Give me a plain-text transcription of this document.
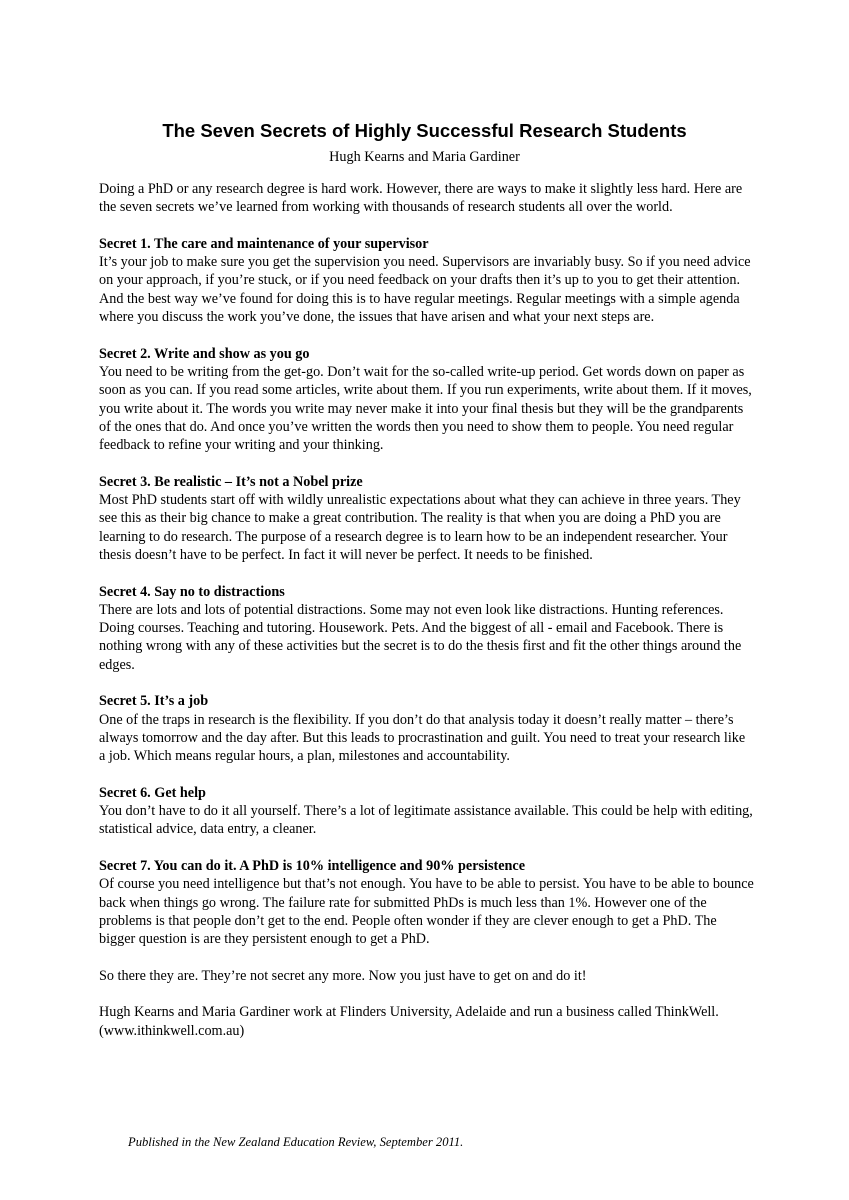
The Seven Secrets of Highly Successful Research Students
Hugh Kearns and Maria Gardiner

Doing a PhD or any research degree is hard work. However, there are ways to make it slightly less hard. Here are the seven secrets we’ve learned from working with thousands of research students all over the world.

Secret 1. The care and maintenance of your supervisor
It’s your job to make sure you get the supervision you need. Supervisors are invariably busy. So if you need advice on your approach, if you’re stuck, or if you need feedback on your drafts then it’s up to you to get their attention. And the best way we’ve found for doing this is to have regular meetings. Regular meetings with a simple agenda where you discuss the work you’ve done, the issues that have arisen and what your next steps are.
Secret 2. Write and show as you go
You need to be writing from the get-go. Don’t wait for the so-called write-up period. Get words down on paper as soon as you can. If you read some articles, write about them. If you run experiments, write about them. If it moves, you write about it. The words you write may never make it into your final thesis but they will be the grandparents of the ones that do. And once you’ve written the words then you need to show them to people. You need regular feedback to refine your writing and your thinking.
Secret 3. Be realistic – It’s not a Nobel prize
Most PhD students start off with wildly unrealistic expectations about what they can achieve in three years. They see this as their big chance to make a great contribution. The reality is that when you are doing a PhD you are learning to do research. The purpose of a research degree is to learn how to be an independent researcher. Your thesis doesn’t have to be perfect. In fact it will never be perfect. It needs to be finished.
Secret 4. Say no to distractions
There are lots and lots of potential distractions. Some may not even look like distractions. Hunting references. Doing courses. Teaching and tutoring. Housework. Pets. And the biggest of all - email and Facebook. There is nothing wrong with any of these activities but the secret is to do the thesis first and fit the other things around the edges.
Secret 5. It’s a job
One of the traps in research is the flexibility. If you don’t do that analysis today it doesn’t really matter – there’s always tomorrow and the day after. But this leads to procrastination and guilt. You need to treat your research like a job. Which means regular hours, a plan, milestones and accountability.
Secret 6. Get help
You don’t have to do it all yourself. There’s a lot of legitimate assistance available. This could be help with editing, statistical advice, data entry, a cleaner.
Secret 7. You can do it. A PhD is 10% intelligence and 90% persistence
Of course you need intelligence but that’s not enough. You have to be able to persist. You have to be able to bounce back when things go wrong. The failure rate for submitted PhDs is much less than 1%. However one of the problems is that people don’t get to the end. People often wonder if they are clever enough to get a PhD. The bigger question is are they persistent enough to get a PhD.

So there they are. They’re not secret any more. Now you just have to get on and do it!

Hugh Kearns and Maria Gardiner work at Flinders University, Adelaide and run a business called ThinkWell. (www.ithinkwell.com.au)

Published in the New Zealand Education Review, September 2011.
